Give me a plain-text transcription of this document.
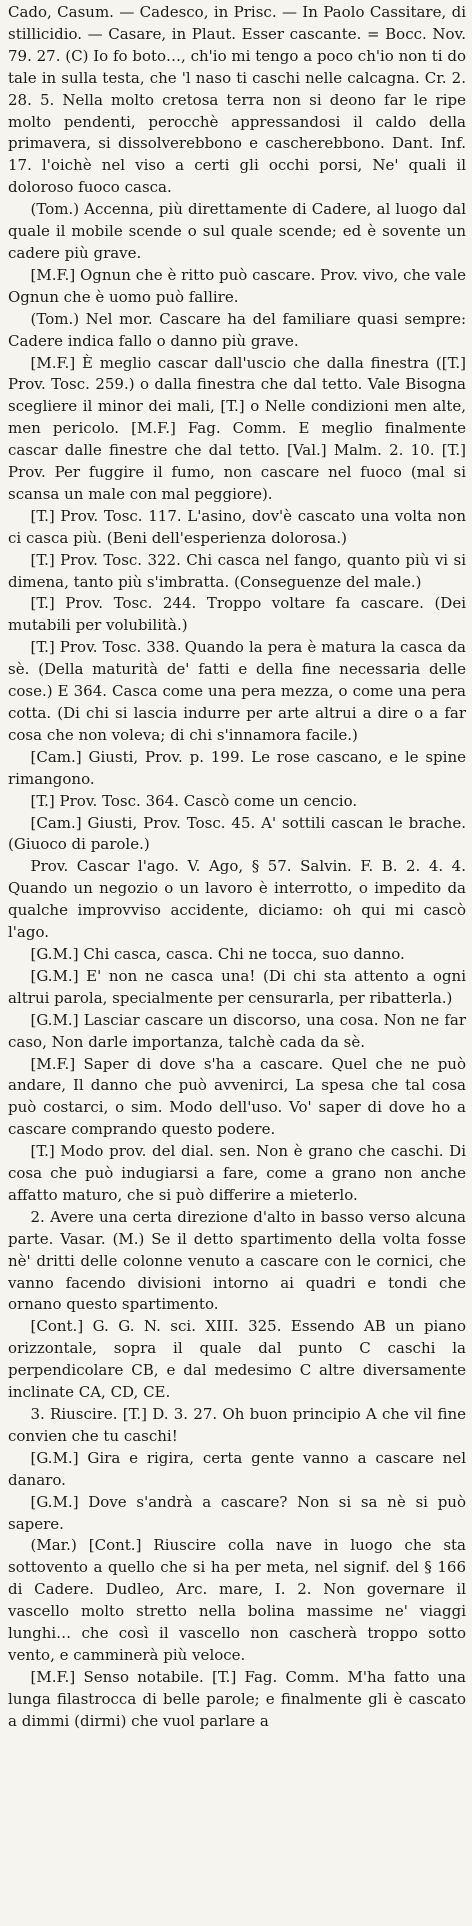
Cado, Casum. — Cadesco, in Prisc. — In Paolo Cassitare, di stillicidio. — Casare, in Plaut. Esser cascante. = Bocc. Nov. 79. 27. (C) Io fo boto…, ch'io mi tengo a poco ch'io non ti do tale in sulla testa, che 'l naso ti caschi nelle calcagna. Cr. 2. 28. 5. Nella molto cretosa terra non si deono far le ripe molto pendenti, perocchè appressandosi il caldo della primavera, si dissolverebbono e cascherebbono. Dant. Inf. 17. l'oichè nel viso a certi gli occhi porsi, Ne' quali il doloroso fuoco casca.

(Tom.) Accenna, più direttamente di Cadere, al luogo dal quale il mobile scende o sul quale scende; ed è sovente un cadere più grave.

[M.F.] Ognun che è ritto può cascare. Prov. vivo, che vale Ognun che è uomo può fallire.

(Tom.) Nel mor. Cascare ha del familiare quasi sempre: Cadere indica fallo o danno più grave.

[M.F.] È meglio cascar dall'uscio che dalla finestra ([T.] Prov. Tosc. 259.) o dalla finestra che dal tetto. Vale Bisogna scegliere il minor dei mali, [T.] o Nelle condizioni men alte, men pericolo. [M.F.] Fag. Comm. E meglio finalmente cascar dalle finestre che dal tetto. [Val.] Malm. 2. 10. [T.] Prov. Per fuggire il fumo, non cascare nel fuoco (mal si scansa un male con mal peggiore).

[T.] Prov. Tosc. 117. L'asino, dov'è cascato una volta non ci casca più. (Beni dell'esperienza dolorosa.)

[T.] Prov. Tosc. 322. Chi casca nel fango, quanto più vi si dimena, tanto più s'imbratta. (Conseguenze del male.)

[T.] Prov. Tosc. 244. Troppo voltare fa cascare. (Dei mutabili per volubilità.)

[T.] Prov. Tosc. 338. Quando la pera è matura la casca da sè. (Della maturità de' fatti e della fine necessaria delle cose.) E 364. Casca come una pera mezza, o come una pera cotta. (Di chi si lascia indurre per arte altrui a dire o a far cosa che non voleva; di chi s'innamora facile.)

[Cam.] Giusti, Prov. p. 199. Le rose cascano, e le spine rimangono.

[T.] Prov. Tosc. 364. Cascò come un cencio.

[Cam.] Giusti, Prov. Tosc. 45. A' sottili cascan le brache. (Giuoco di parole.)

Prov. Cascar l'ago. V. Ago, § 57. Salvin. F. B. 2. 4. 4. Quando un negozio o un lavoro è interrotto, o impedito da qualche improvviso accidente, diciamo: oh qui mi cascò l'ago.

[G.M.] Chi casca, casca. Chi ne tocca, suo danno.

[G.M.] E' non ne casca una! (Di chi sta attento a ogni altrui parola, specialmente per censurarla, per ribatterla.)

[G.M.] Lasciar cascare un discorso, una cosa. Non ne far caso, Non darle importanza, talchè cada da sè.

[M.F.] Saper di dove s'ha a cascare. Quel che ne può andare, Il danno che può avvenirci, La spesa che tal cosa può costarci, o sim. Modo dell'uso. Vo' saper di dove ho a cascare comprando questo podere.

[T.] Modo prov. del dial. sen. Non è grano che caschi. Di cosa che può indugiarsi a fare, come a grano non anche affatto maturo, che si può differire a mieterlo.

2. Avere una certa direzione d'alto in basso verso alcuna parte. Vasar. (M.) Se il detto spartimento della volta fosse nè' dritti delle colonne venuto a cascare con le cornici, che vanno facendo divisioni intorno ai quadri e tondi che ornano questo spartimento.

[Cont.] G. G. N. sci. XIII. 325. Essendo AB un piano orizzontale, sopra il quale dal punto C caschi la perpendicolare CB, e dal medesimo C altre diversamente inclinate CA, CD, CE.

3. Riuscire. [T.] D. 3. 27. Oh buon principio A che vil fine convien che tu caschi!

[G.M.] Gira e rigira, certa gente vanno a cascare nel danaro.

[G.M.] Dove s'andrà a cascare? Non si sa nè si può sapere.

(Mar.) [Cont.] Riuscire colla nave in luogo che sta sottovento a quello che si ha per meta, nel signif. del § 166 di Cadere. Dudleo, Arc. mare, I. 2. Non governare il vascello molto stretto nella bolina massime ne' viaggi lunghi… che così il vascello non cascherà troppo sotto vento, e camminerà più veloce.

[M.F.] Senso notabile. [T.] Fag. Comm. M'ha fatto una lunga filastrocca di belle parole; e finalmente gli è cascato a dimmi (dirmi) che vuol parlare a
